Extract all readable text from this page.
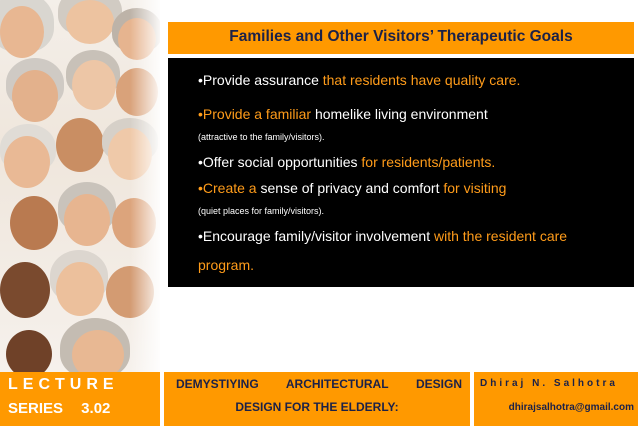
Families and Other Visitors’ Therapeutic Goals
•Provide assurance that residents have quality care.
•Provide a familiar homelike living environment
(attractive to the family/visitors).
•Offer social opportunities for residents/patients.
•Create a sense of privacy and comfort for visiting
(quiet places for family/visitors).
•Encourage family/visitor involvement with the resident care
program.
LECTURE
SERIES 3.02
DEMYSTIYING ARCHITECTURAL DESIGN
DESIGN FOR THE ELDERLY:
Dhiraj N. Salhotra
dhirajsalhotra@gmail.com
